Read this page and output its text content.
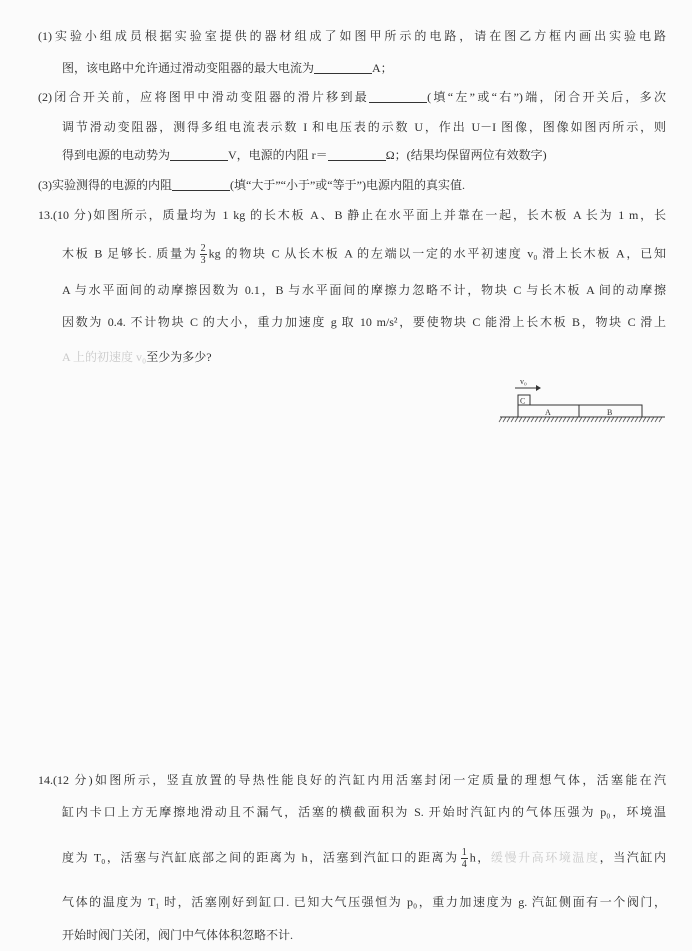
(1)实验小组成员根据实验室提供的器材组成了如图甲所示的电路，请在图乙方框内画出实验电路
图，该电路中允许通过滑动变阻器的最大电流为	A；
(2)闭合开关前，应将图甲中滑动变阻器的滑片移到最	(填“左”或“右”)端，闭合开关后，多次
调节滑动变阻器，测得多组电流表示数 I 和电压表的示数 U，作出 U－I 图像，图像如图丙所示，则
得到电源的电动势为	V，电源的内阻 r＝	Ω；(结果均保留两位有效数字)
(3)实验测得的电源的内阻	(填“大于”“小于”或“等于”)电源内阻的真实值.
13.(10 分)如图所示，质量均为 1 kg 的长木板 A、B 静止在水平面上并靠在一起，长木板 A 长为 1 m，长
木板 B 足够长. 质量为 $\frac{2}{3}$ kg 的物块 C 从长木板 A 的左端以一定的水平初速度 v₀ 滑上长木板 A，已知
A 与水平面间的动摩擦因数为 0.1，B 与水平面间的摩擦力忽略不计，物块 C 与长木板 A 间的动摩擦
因数为 0.4. 不计物块 C 的大小，重力加速度 g 取 10 m/s²，要使物块 C 能滑上长木板 B，物块 C 滑上
A 上的初速度 v₀至少为多少?
v₀
C
A	B
14.(12 分)如图所示，竖直放置的导热性能良好的汽缸内用活塞封闭一定质量的理想气体，活塞能在汽
缸内卡口上方无摩擦地滑动且不漏气，活塞的横截面积为 S. 开始时汽缸内的气体压强为 p₀，环境温
度为 T₀，活塞与汽缸底部之间的距离为 h，活塞到汽缸口的距离为 $\frac{1}{4}$ h，缓慢升高环境温度，当汽缸内
气体的温度为 T₁ 时，活塞刚好到缸口. 已知大气压强恒为 p₀，重力加速度为 g. 汽缸侧面有一个阀门，
开始时阀门关闭，阀门中气体体积忽略不计.
